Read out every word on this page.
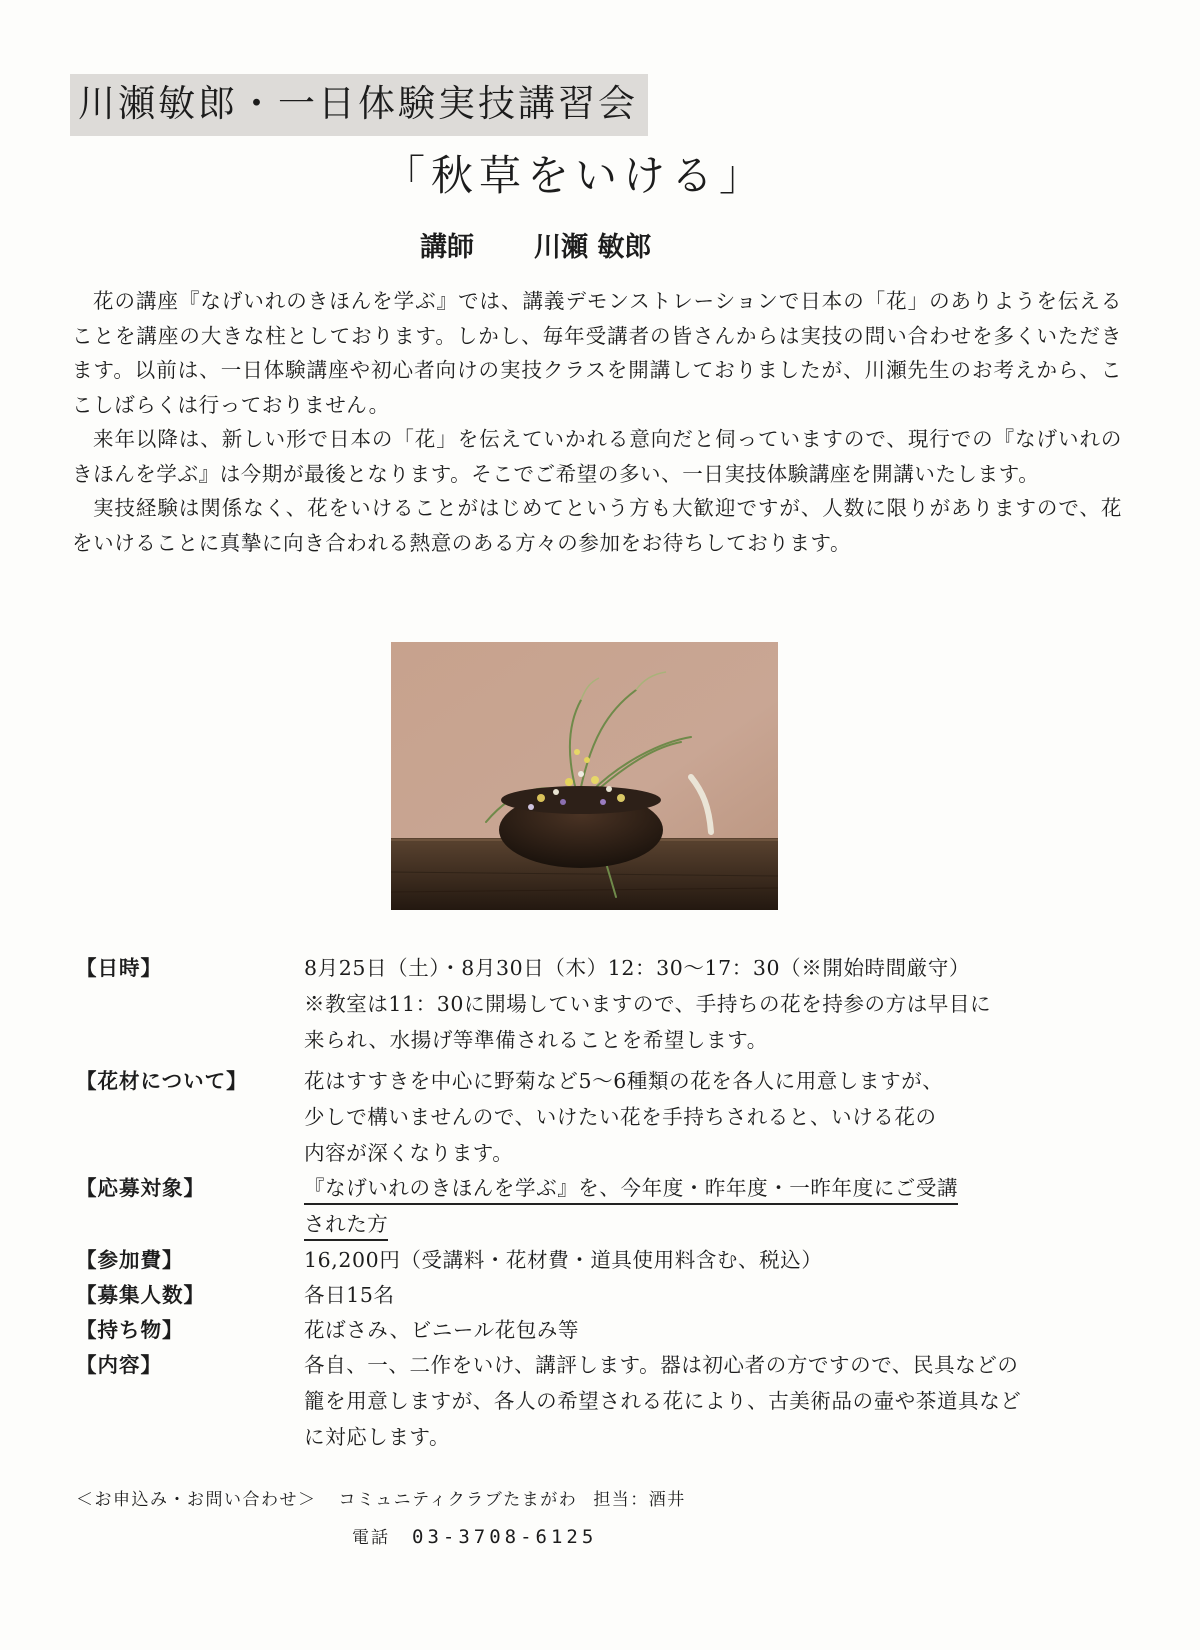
川瀬敏郎・一日体験実技講習会
「秋草をいける」
講師 川瀬 敏郎

花の講座『なげいれのきほんを学ぶ』では、講義デモンストレーションで日本の「花」のありようを伝えることを講座の大きな柱としております。しかし、毎年受講者の皆さんからは実技の問い合わせを多くいただきます。以前は、一日体験講座や初心者向けの実技クラスを開講しておりましたが、川瀬先生のお考えから、ここしばらくは行っておりません。

来年以降は、新しい形で日本の「花」を伝えていかれる意向だと伺っていますので、現行での『なげいれのきほんを学ぶ』は今期が最後となります。そこでご希望の多い、一日実技体験講座を開講いたします。

実技経験は関係なく、花をいけることがはじめてという方も大歓迎ですが、人数に限りがありますので、花をいけることに真摯に向き合われる熱意のある方々の参加をお待ちしております。

【日時】	8月25日（土）・8月30日（木）12：30〜17：30（※開始時間厳守）
※教室は11：30に開場していますので、手持ちの花を持参の方は早目に
来られ、水揚げ等準備されることを希望します。
【花材について】	花はすすきを中心に野菊など5〜6種類の花を各人に用意しますが、
少しで構いませんので、いけたい花を手持ちされると、いける花の
内容が深くなります。
【応募対象】	『なげいれのきほんを学ぶ』を、今年度・昨年度・一昨年度にご受講
された方
【参加費】	16,200円（受講料・花材費・道具使用料含む、税込）
【募集人数】	各日15名
【持ち物】	花ばさみ、ビニール花包み等
【内容】	各自、一、二作をいけ、講評します。器は初心者の方ですので、民具などの
籠を用意しますが、各人の希望される花により、古美術品の壷や茶道具など
に対応します。
＜お申込み・お問い合わせ＞ コミュニティクラブたまがわ 担当：酒井
電話 03-3708-6125
